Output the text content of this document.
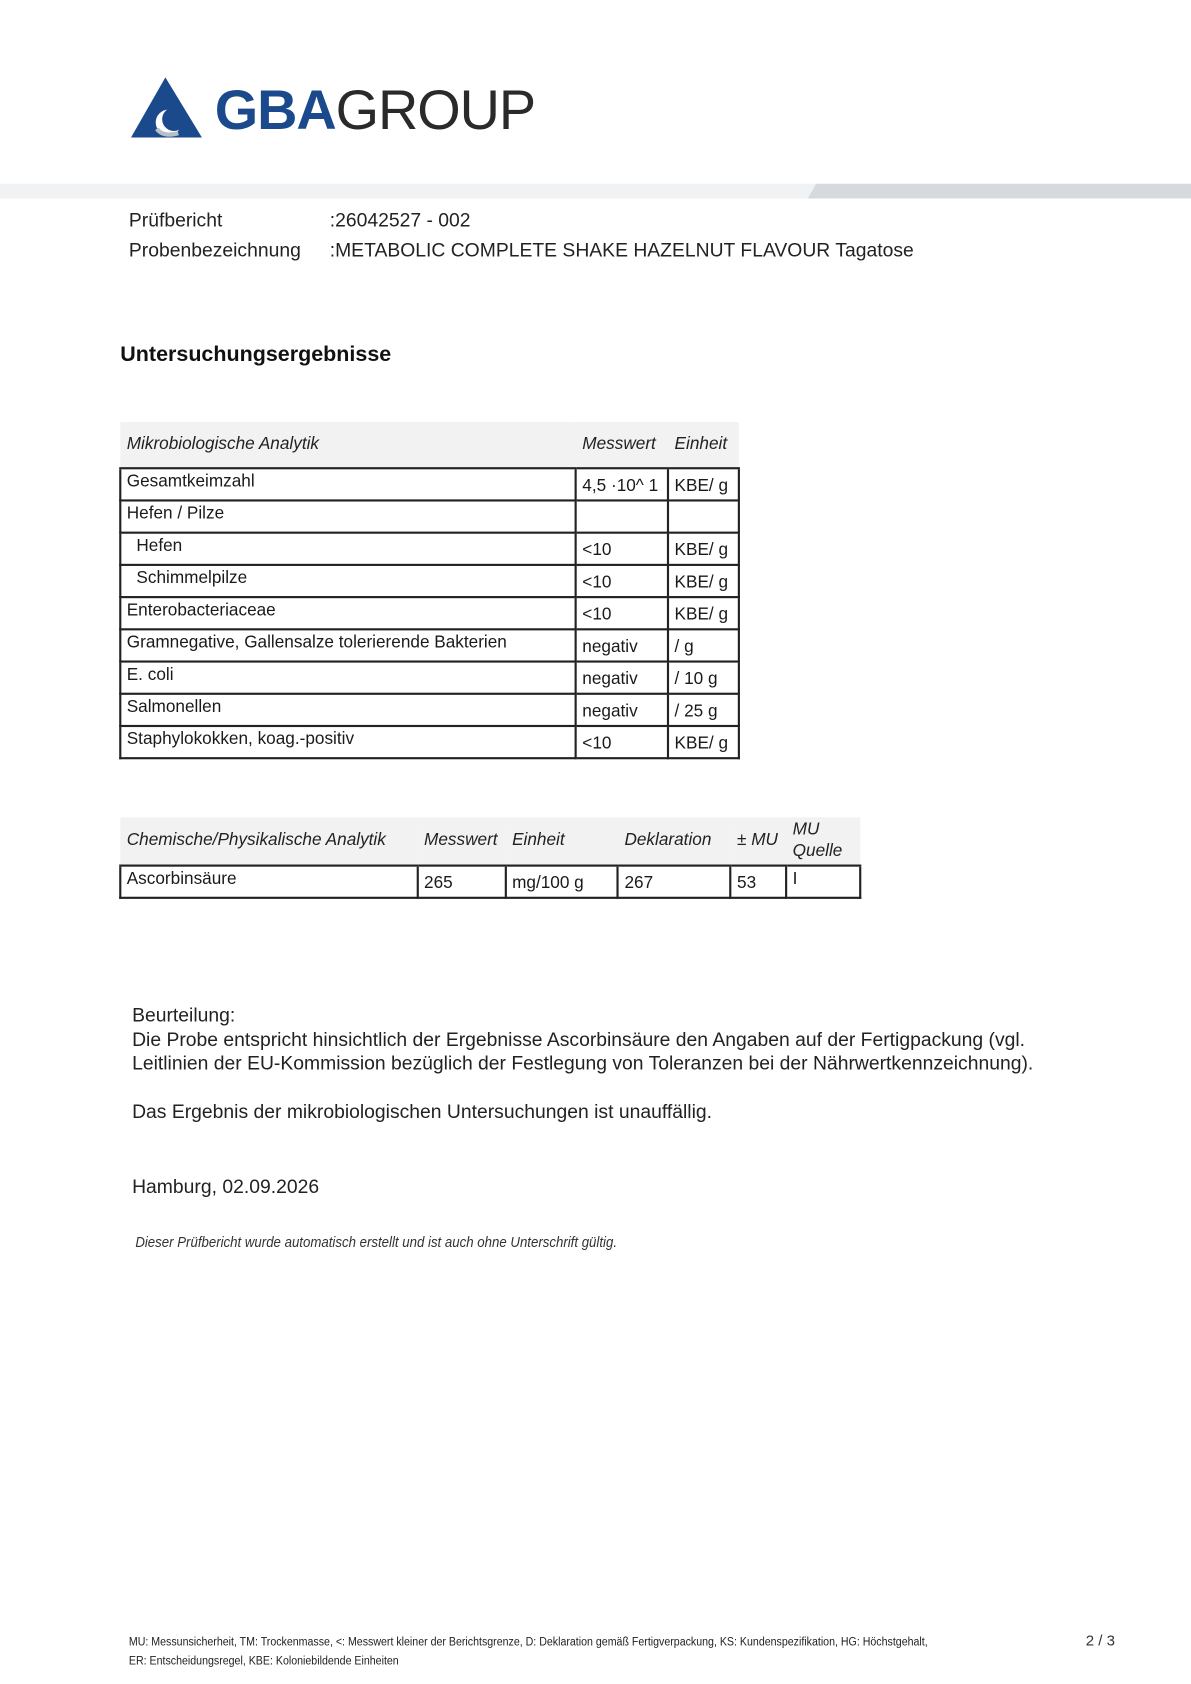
GBAGROUP
Prüfbericht	:26042527 ‑ 002
Probenbezeichnung :METABOLIC COMPLETE SHAKE HAZELNUT FLAVOUR Tagatose
Untersuchungsergebnisse
Mikrobiologische Analytik	Messwert	Einheit
Gesamtkeimzahl	4,5 ·10^ 1	KBE/ g
Hefen / Pilze		
Hefen	<10	KBE/ g
Schimmelpilze	<10	KBE/ g
Enterobacteriaceae	<10	KBE/ g
Gramnegative, Gallensalze tolerierende Bakterien	negativ	/ g
E. coli	negativ	/ 10 g
Salmonellen	negativ	/ 25 g
Staphylokokken, koag.-positiv	<10	KBE/ g
Chemische/Physikalische Analytik	Messwert	Einheit	Deklaration	± MU	MU
Quelle
Ascorbinsäure	265	mg/100 g	267	53	I
Beurteilung:
Die Probe entspricht hinsichtlich der Ergebnisse Ascorbinsäure den Angaben auf der Fertigpackung (vgl.
Leitlinien der EU-Kommission bezüglich der Festlegung von Toleranzen bei der Nährwertkennzeichnung).
Das Ergebnis der mikrobiologischen Untersuchungen ist unauffällig.
Hamburg, 02.09.2026
Dieser Prüfbericht wurde automatisch erstellt und ist auch ohne Unterschrift gültig.
MU: Messunsicherheit, TM: Trockenmasse, <: Messwert kleiner der Berichtsgrenze, D: Deklaration gemäß Fertigverpackung, KS: Kundenspezifikation, HG: Höchstgehalt,
ER: Entscheidungsregel, KBE: Koloniebildende Einheiten
2 / 3
